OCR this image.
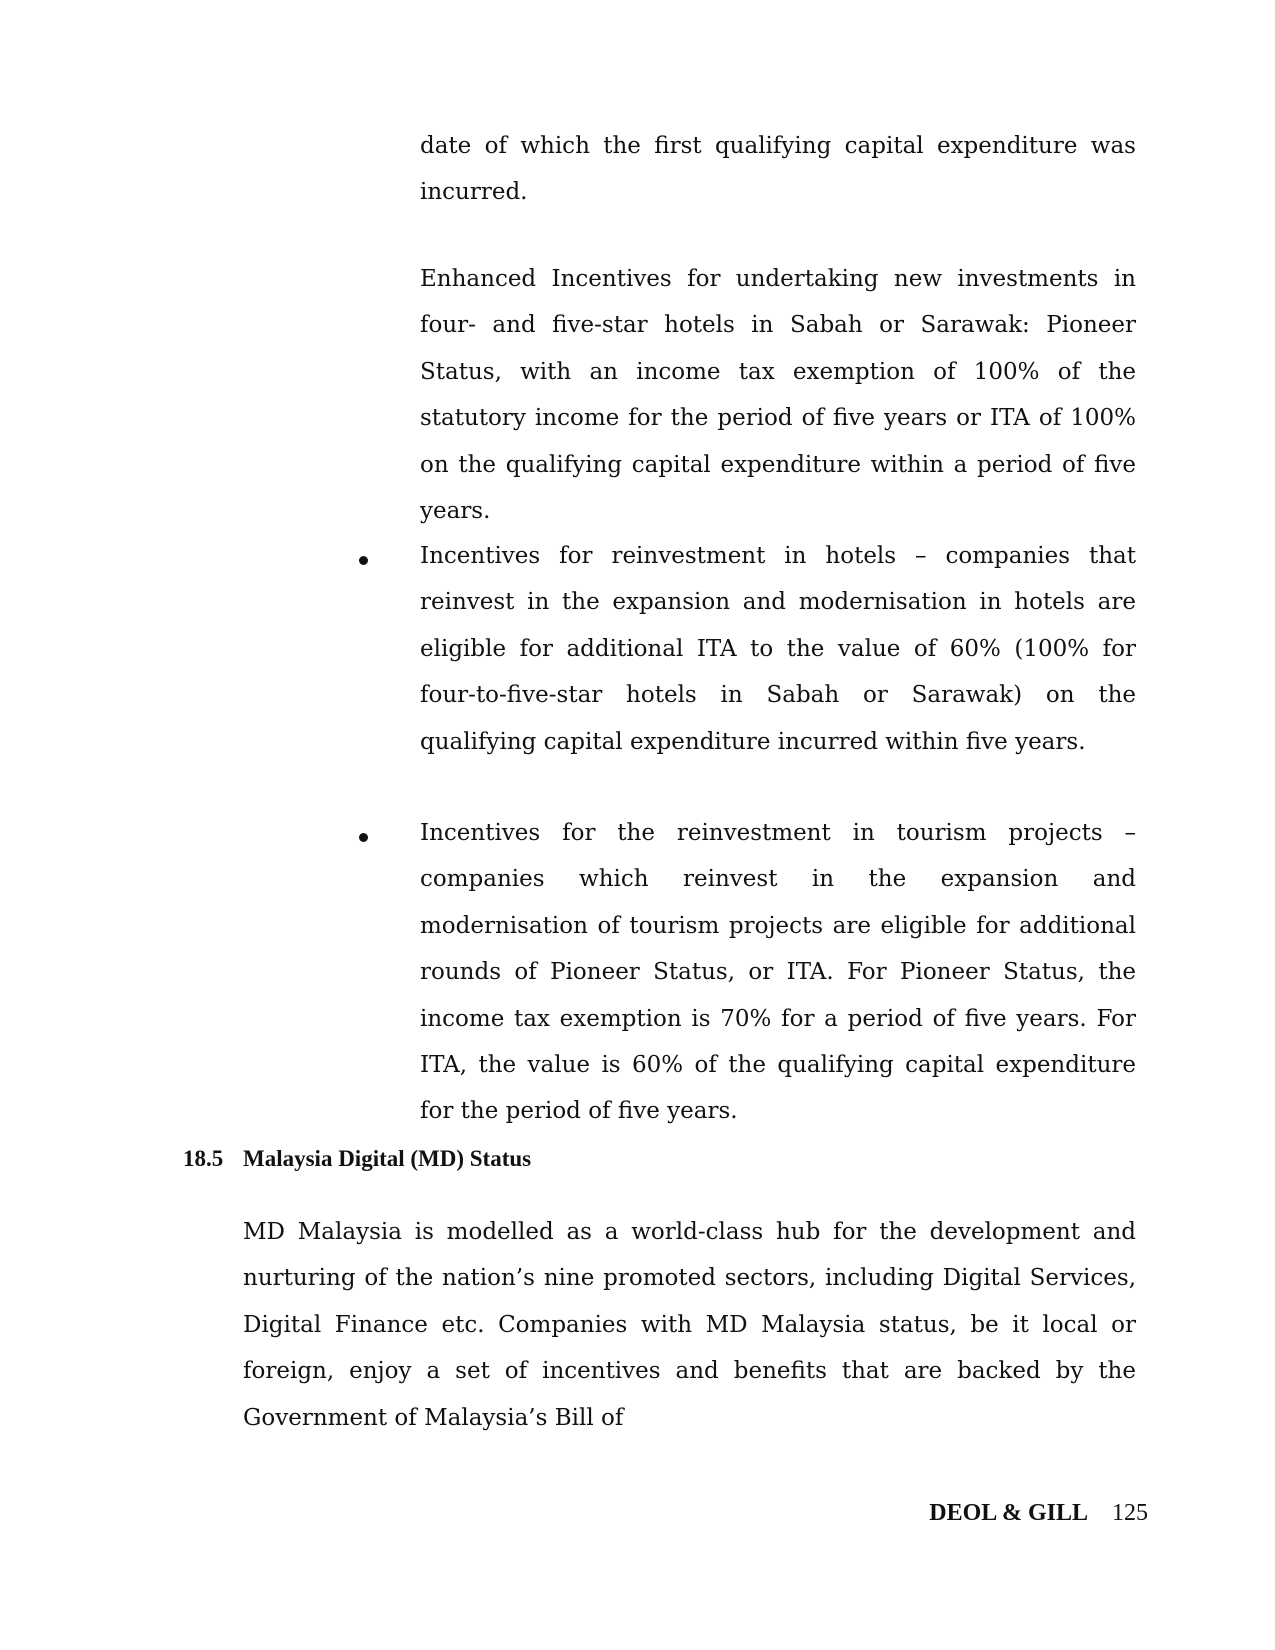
date of which the first qualifying capital expenditure was incurred.

Enhanced Incentives for undertaking new investments in four- and five-star hotels in Sabah or Sarawak: Pioneer Status, with an income tax exemption of 100% of the statutory income for the period of five years or ITA of 100% on the qualifying capital expenditure within a period of five years.

Incentives for reinvestment in hotels – companies that reinvest in the expansion and modernisation in hotels are eligible for additional ITA to the value of 60% (100% for four-to-five-star hotels in Sabah or Sarawak) on the qualifying capital expenditure incurred within five years.

Incentives for the reinvestment in tourism projects – companies which reinvest in the expansion and modernisation of tourism projects are eligible for additional rounds of Pioneer Status, or ITA. For Pioneer Status, the income tax exemption is 70% for a period of five years. For ITA, the value is 60% of the qualifying capital expenditure for the period of five years.

18.5 Malaysia Digital (MD) Status

MD Malaysia is modelled as a world-class hub for the development and nurturing of the nation’s nine promoted sectors, including Digital Services, Digital Finance etc. Companies with MD Malaysia status, be it local or foreign, enjoy a set of incentives and benefits that are backed by the Government of Malaysia’s Bill of

DEOL & GILL 125
